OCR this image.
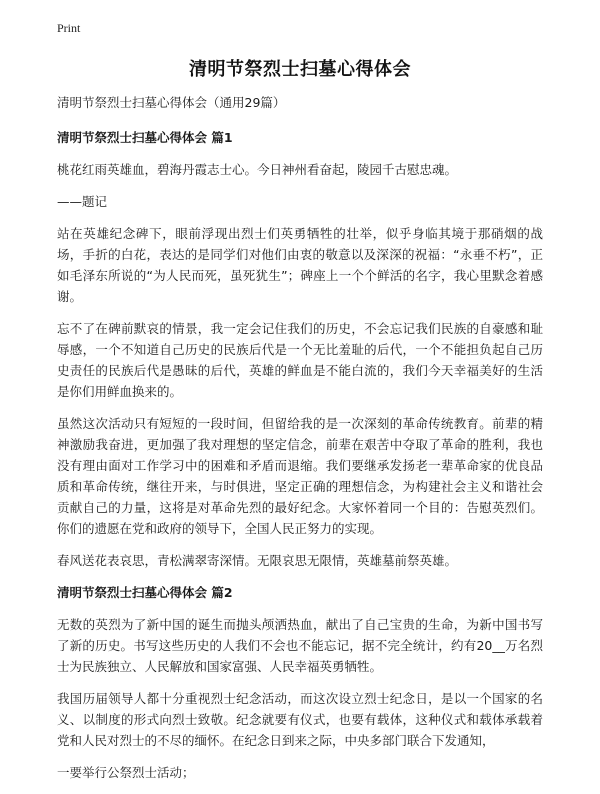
Print
清明节祭烈士扫墓心得体会

清明节祭烈士扫墓心得体会（通用29篇）

清明节祭烈士扫墓心得体会 篇1

桃花红雨英雄血，碧海丹霞志士心。今日神州看奋起，陵园千古慰忠魂。

——题记

站在英雄纪念碑下，眼前浮现出烈士们英勇牺牲的壮举，似乎身临其境于那硝烟的战场，手折的白花，表达的是同学们对他们由衷的敬意以及深深的祝福：“永垂不朽”，正如毛泽东所说的“为人民而死，虽死犹生”；碑座上一个个鲜活的名字，我心里默念着感谢。

忘不了在碑前默哀的情景，我一定会记住我们的历史，不会忘记我们民族的自豪感和耻辱感，一个不知道自己历史的民族后代是一个无比羞耻的后代，一个不能担负起自己历史责任的民族后代是愚昧的后代，英雄的鲜血是不能白流的，我们今天幸福美好的生活是你们用鲜血换来的。

虽然这次活动只有短短的一段时间，但留给我的是一次深刻的革命传统教育。前辈的精神激励我奋进，更加强了我对理想的坚定信念，前辈在艰苦中夺取了革命的胜利，我也没有理由面对工作学习中的困难和矛盾而退缩。我们要继承发扬老一辈革命家的优良品质和革命传统，继往开来，与时俱进，坚定正确的理想信念，为构建社会主义和谐社会贡献自己的力量，这将是对革命先烈的最好纪念。大家怀着同一个目的：告慰英烈们。你们的遗愿在党和政府的领导下，全国人民正努力的实现。

春风送花表哀思，青松满翠寄深情。无限哀思无限情，英雄墓前祭英雄。

清明节祭烈士扫墓心得体会 篇2

无数的英烈为了新中国的诞生而抛头颅洒热血，献出了自己宝贵的生命，为新中国书写了新的历史。书写这些历史的人我们不会也不能忘记，据不完全统计，约有20__万名烈士为民族独立、人民解放和国家富强、人民幸福英勇牺牲。

我国历届领导人都十分重视烈士纪念活动，而这次设立烈士纪念日，是以一个国家的名义、以制度的形式向烈士致敬。纪念就要有仪式，也要有载体，这种仪式和载体承载着党和人民对烈士的不尽的缅怀。在纪念日到来之际，中央多部门联合下发通知，

一要举行公祭烈士活动；
